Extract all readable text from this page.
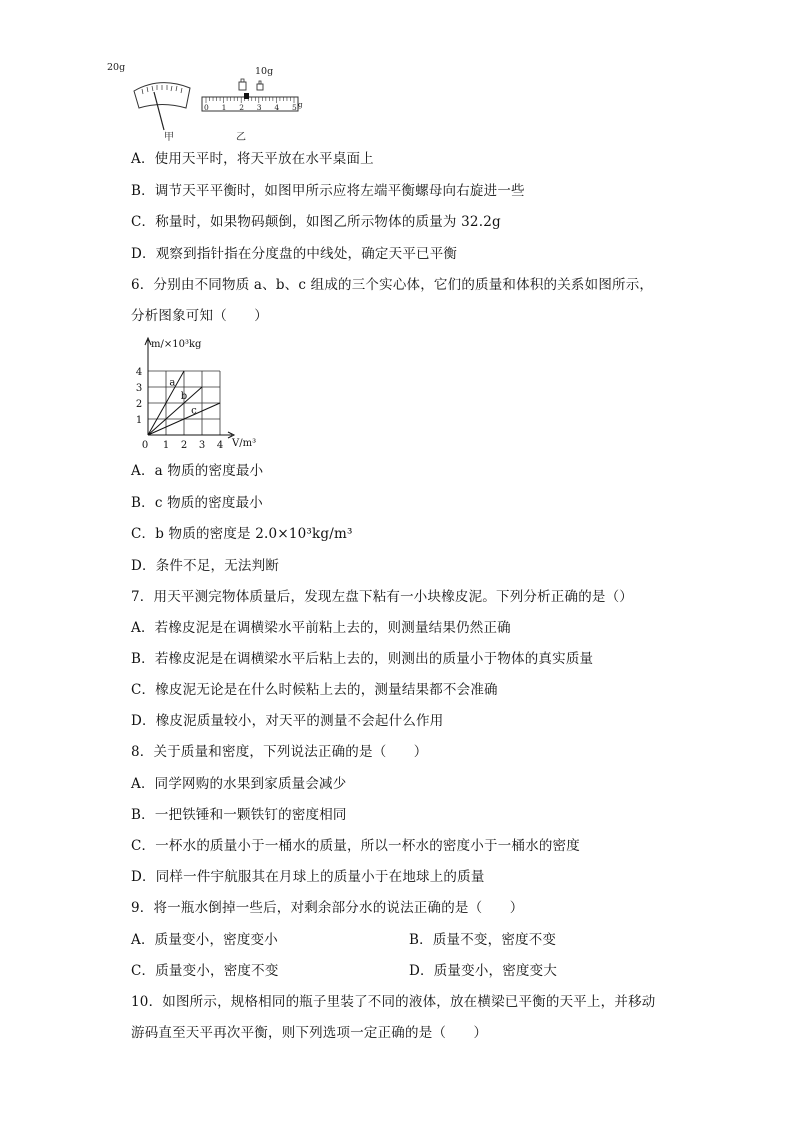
20g	10g
0 1 2 3 4 5 g
甲	乙
A．使用天平时，将天平放在水平桌面上
B．调节天平平衡时，如图甲所示应将左端平衡螺母向右旋进一些
C．称量时，如果物码颠倒，如图乙所示物体的质量为 32.2g
D．观察到指针指在分度盘的中线处，确定天平已平衡
6．分别由不同物质 a、b、c 组成的三个实心体，它们的质量和体积的关系如图所示，
分析图象可知（　　）
a
b
c
1 2 3 4
1
2
3
4
0
m/×10³kg
V/m³
A．a 物质的密度最小
B．c 物质的密度最小
C．b 物质的密度是 2.0×10³kg/m³
D．条件不足，无法判断
7．用天平测完物体质量后，发现左盘下粘有一小块橡皮泥。下列分析正确的是（）
A．若橡皮泥是在调横梁水平前粘上去的，则测量结果仍然正确
B．若橡皮泥是在调横梁水平后粘上去的，则测出的质量小于物体的真实质量
C．橡皮泥无论是在什么时候粘上去的，测量结果都不会准确
D．橡皮泥质量较小，对天平的测量不会起什么作用
8．关于质量和密度，下列说法正确的是（　　）
A．同学网购的水果到家质量会减少
B．一把铁锤和一颗铁钉的密度相同
C．一杯水的质量小于一桶水的质量，所以一杯水的密度小于一桶水的密度
D．同样一件宇航服其在月球上的质量小于在地球上的质量
9．将一瓶水倒掉一些后，对剩余部分水的说法正确的是（　　）
A．质量变小，密度变小	B．质量不变，密度不变
C．质量变小，密度不变	D．质量变小，密度变大
10．如图所示，规格相同的瓶子里装了不同的液体，放在横梁已平衡的天平上，并移动
游码直至天平再次平衡，则下列选项一定正确的是（　　）
